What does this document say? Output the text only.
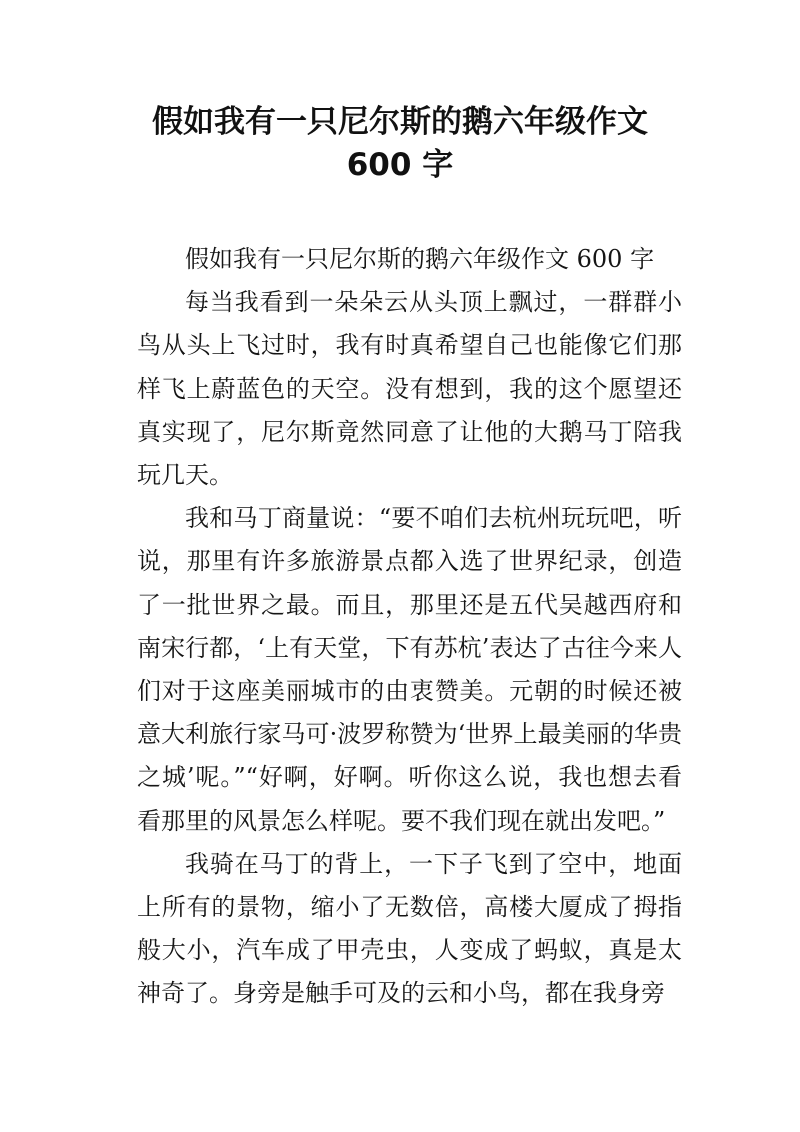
假如我有一只尼尔斯的鹅六年级作文
600 字

假如我有一只尼尔斯的鹅六年级作文 600 字

每当我看到一朵朵云从头顶上飘过，一群群小鸟从头上飞过时，我有时真希望自己也能像它们那样飞上蔚蓝色的天空。没有想到，我的这个愿望还真实现了，尼尔斯竟然同意了让他的大鹅马丁陪我玩几天。

我和马丁商量说：“要不咱们去杭州玩玩吧，听说，那里有许多旅游景点都入选了世界纪录，创造了一批世界之最。而且，那里还是五代吴越西府和南宋行都，‘上有天堂，下有苏杭’表达了古往今来人们对于这座美丽城市的由衷赞美。元朝的时候还被意大利旅行家马可·波罗称赞为‘世界上最美丽的华贵之城’呢。”“好啊，好啊。听你这么说，我也想去看看那里的风景怎么样呢。要不我们现在就出发吧。”

我骑在马丁的背上，一下子飞到了空中，地面上所有的景物，缩小了无数倍，高楼大厦成了拇指般大小，汽车成了甲壳虫，人变成了蚂蚁，真是太神奇了。身旁是触手可及的云和小鸟，都在我身旁
